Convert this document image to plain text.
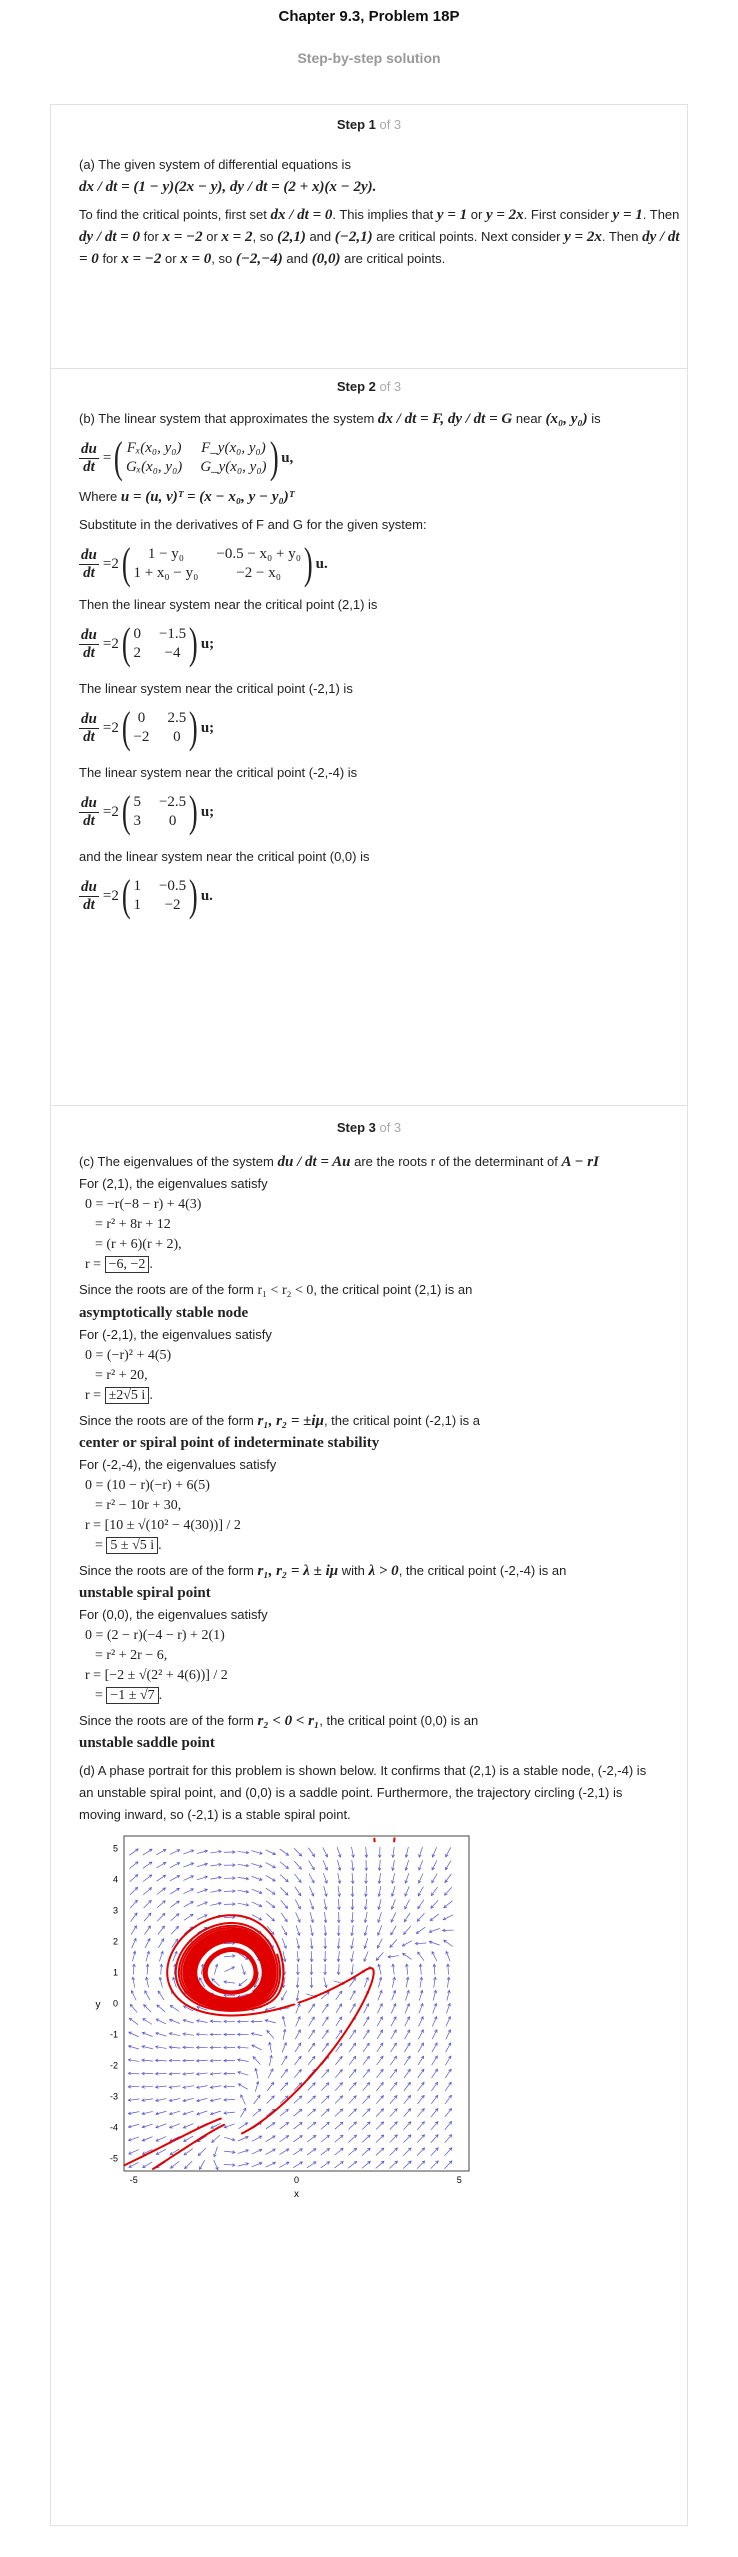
Chapter 9.3, Problem 18P
Step-by-step solution
Step 1 of 3

(a) The given system of differential equations is

dx / dt = (1 − y)(2x − y), dy / dt = (2 + x)(x − 2y).

To find the critical points, first set dx / dt = 0. This implies that y = 1 or y = 2x. First consider y = 1. Then dy / dt = 0 for x = −2 or x = 2, so (2,1) and (−2,1) are critical points. Next consider y = 2x. Then dy / dt = 0 for x = −2 or x = 0, so (−2,−4) and (0,0) are critical points.

Step 2 of 3

(b) The linear system that approximates the system dx / dt = F, dy / dt = G near (x₀, y₀) is

$\frac{du}{dt}$ = ( Fₓ(x₀, y₀) F_y(x₀, y₀)
Gₓ(x₀, y₀) G_y(x₀, y₀) ) u,

Where u = (u, v)ᵀ = (x − x₀, y − y₀)ᵀ

Substitute in the derivatives of F and G for the given system:

$\frac{du}{dt} = 2$ (	1 − y₀	−0.5 − x₀ + y₀
1 + x₀ − y₀	−2 − x₀ ) u.

Then the linear system near the critical point (2,1) is

$\frac{du}{dt} = 2$ ( 0 −1.5
2	−4 ) u;

The linear system near the critical point (-2,1) is

$\frac{du}{dt} = 2$ ( 0 2.5
−2	0 ) u;

The linear system near the critical point (-2,-4) is

$\frac{du}{dt} = 2$ ( 5 −2.5
3	0 ) u;

and the linear system near the critical point (0,0) is

$\frac{du}{dt} = 2$ ( 1 −0.5
1	−2 ) u.
Step 3 of 3

(c) The eigenvalues of the system du / dt = Au are the roots r of the determinant of A − rI

For (2,1), the eigenvalues satisfy

0 = −r(−8 − r) + 4(3)
= r² + 8r + 12
= (r + 6)(r + 2),
r = −6, −2 .

Since the roots are of the form r₁ < r₂ < 0, the critical point (2,1) is an

asymptotically stable node

For (-2,1), the eigenvalues satisfy

0 = (−r)² + 4(5)
= r² + 20,
r = ±2√5 i .

Since the roots are of the form r₁, r₂ = ±iμ, the critical point (-2,1) is a

center or spiral point of indeterminate stability

For (-2,-4), the eigenvalues satisfy

0 = (10 − r)(−r) + 6(5)
= r² − 10r + 30,
r = [10 ± √(10² − 4(30))] / 2
= 5 ± √5 i .

Since the roots are of the form r₁, r₂ = λ ± iμ with λ > 0, the critical point (-2,-4) is an

unstable spiral point

For (0,0), the eigenvalues satisfy

0 = (2 − r)(−4 − r) + 2(1)
= r² + 2r − 6,
r = [−2 ± √(2² + 4(6))] / 2
= −1 ± √7 .

Since the roots are of the form r₂ < 0 < r₁, the critical point (0,0) is an

unstable saddle point

(d) A phase portrait for this problem is shown below. It confirms that (2,1) is a stable node, (-2,-4) is an unstable spiral point, and (0,0) is a saddle point. Furthermore, the trajectory circling (-2,1) is moving inward, so (-2,1) is a stable spiral point.

-5	0	5
5
4
3
2
1
0
-1
-2
-3
-4
-5
x
y
